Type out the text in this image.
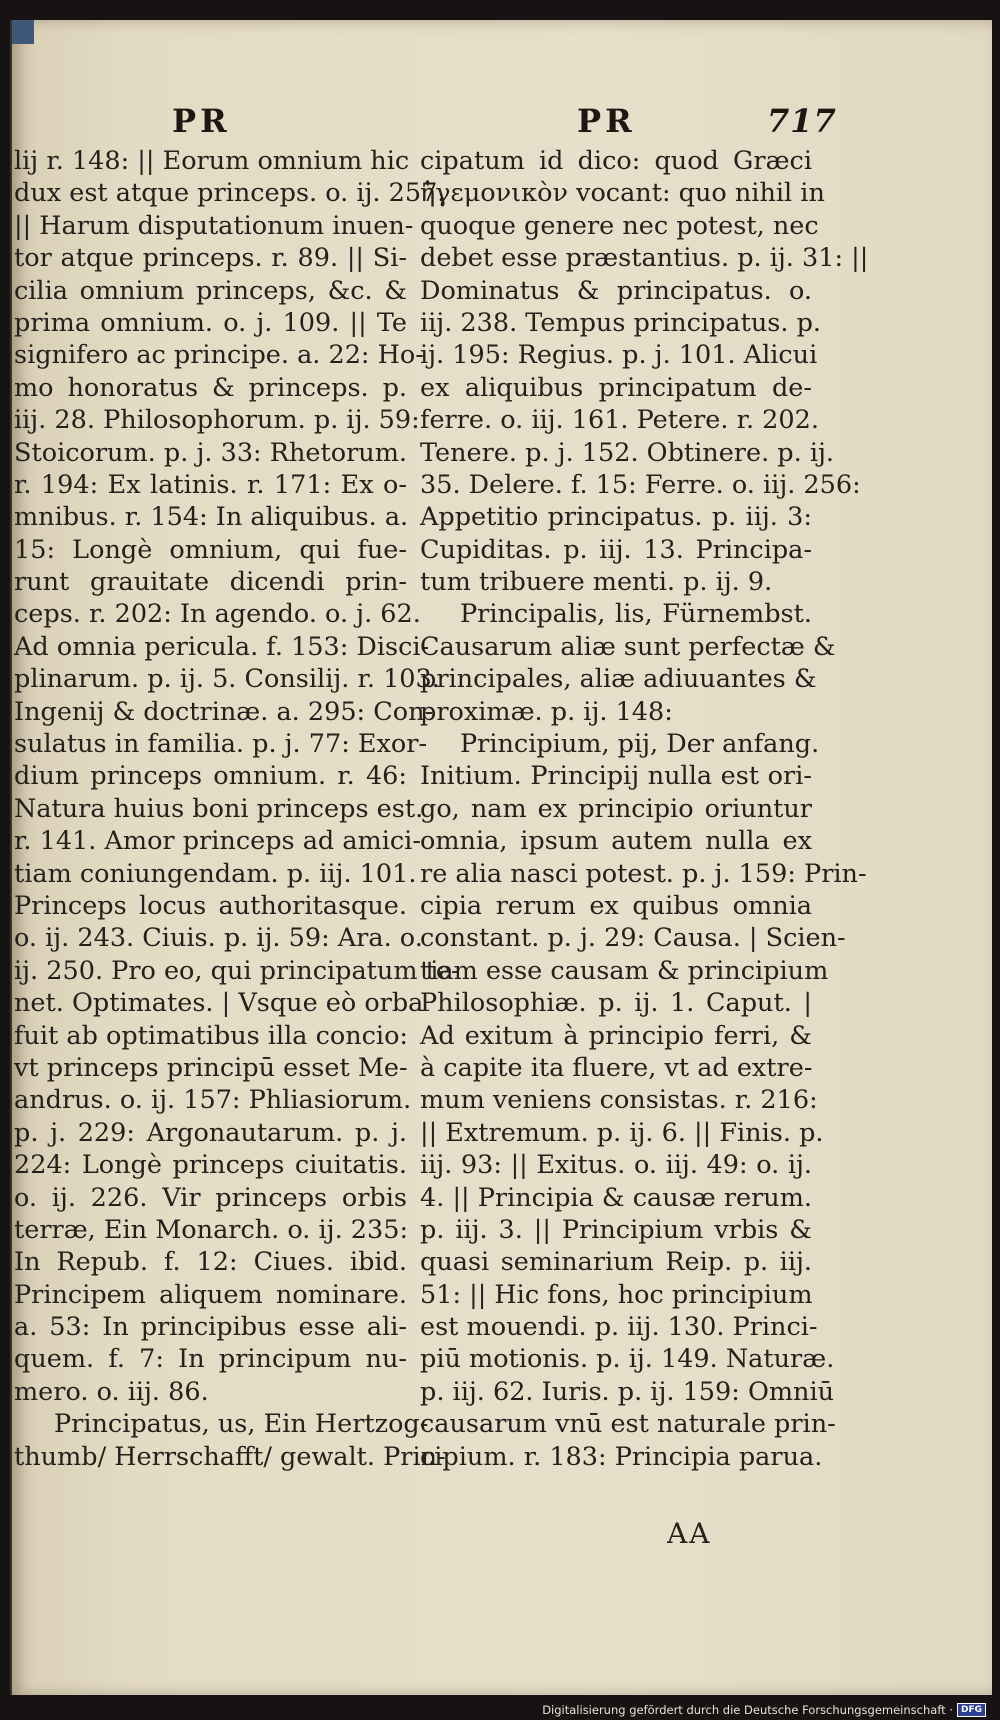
PR	PR	717
lij r. 148: || Eorum omnium hic
dux est atque princeps. o. ij. 257.
|| Harum disputationum inuen-
tor atque princeps. r. 89. || Si-
cilia omnium princeps, &c. &
prima omnium. o. j. 109. || Te
signifero ac principe. a. 22: Ho-
mo honoratus & princeps. p.
iij. 28. Philosophorum. p. ij. 59:
Stoicorum. p. j. 33: Rhetorum.
r. 194: Ex latinis. r. 171: Ex o-
mnibus. r. 154: In aliquibus. a.
15: Longè omnium, qui fue-
runt grauitate dicendi prin-
ceps. r. 202: In agendo. o. j. 62.
Ad omnia pericula. f. 153: Disci-
plinarum. p. ij. 5. Consilij. r. 103.
Ingenij & doctrinæ. a. 295: Con-
sulatus in familia. p. j. 77: Exor-
dium princeps omnium. r. 46:
Natura huius boni princeps est.
r. 141. Amor princeps ad amici-
tiam coniungendam. p. iij. 101.
Princeps locus authoritasque.
o. ij. 243. Ciuis. p. ij. 59: Ara. o.
ij. 250. Pro eo, qui principatum te-
net. Optimates. | Vsque eò orba
fuit ab optimatibus illa concio:
vt princeps principū esset Me-
andrus. o. ij. 157: Phliasiorum.
p. j. 229: Argonautarum. p. j.
224: Longè princeps ciuitatis.
o. ij. 226. Vir princeps orbis
terræ, Ein Monarch. o. ij. 235:
In Repub. f. 12: Ciues. ibid.
Principem aliquem nominare.
a. 53: In principibus esse ali-
quem. f. 7: In principum nu-
mero. o. iij. 86.
Principatus, us, Ein Hertzog-
thumb/ Herrschafft/ gewalt. Prin-
cipatum id dico: quod Græci
ἡγεμονικὸν vocant: quo nihil in
quoque genere nec potest, nec
debet esse præstantius. p. ij. 31: ||
Dominatus & principatus. o.
iij. 238. Tempus principatus. p.
ij. 195: Regius. p. j. 101. Alicui
ex aliquibus principatum de-
ferre. o. iij. 161. Petere. r. 202.
Tenere. p. j. 152. Obtinere. p. ij.
35. Delere. f. 15: Ferre. o. iij. 256:
Appetitio principatus. p. iij. 3:
Cupiditas. p. iij. 13. Principa-
tum tribuere menti. p. ij. 9.
Principalis, lis, Fürnembst.
Causarum aliæ sunt perfectæ &
principales, aliæ adiuuantes &
proximæ. p. ij. 148:
Principium, pij, Der anfang.
Initium. Principij nulla est ori-
go, nam ex principio oriuntur
omnia, ipsum autem nulla ex
re alia nasci potest. p. j. 159: Prin-
cipia rerum ex quibus omnia
constant. p. j. 29: Causa. | Scien-
tiam esse causam & principium
Philosophiæ. p. ij. 1. Caput. |
Ad exitum à principio ferri, &
à capite ita fluere, vt ad extre-
mum veniens consistas. r. 216:
|| Extremum. p. ij. 6. || Finis. p.
iij. 93: || Exitus. o. iij. 49: o. ij.
4. || Principia & causæ rerum.
p. iij. 3. || Principium vrbis &
quasi seminarium Reip. p. iij.
51: || Hic fons, hoc principium
est mouendi. p. iij. 130. Princi-
piū motionis. p. ij. 149. Naturæ.
p. iij. 62. Iuris. p. ij. 159: Omniū
causarum vnū est naturale prin-
cipium. r. 183: Principia parua.
AA
Digitalisierung gefördert durch die Deutsche Forschungsgemeinschaft · DFG
